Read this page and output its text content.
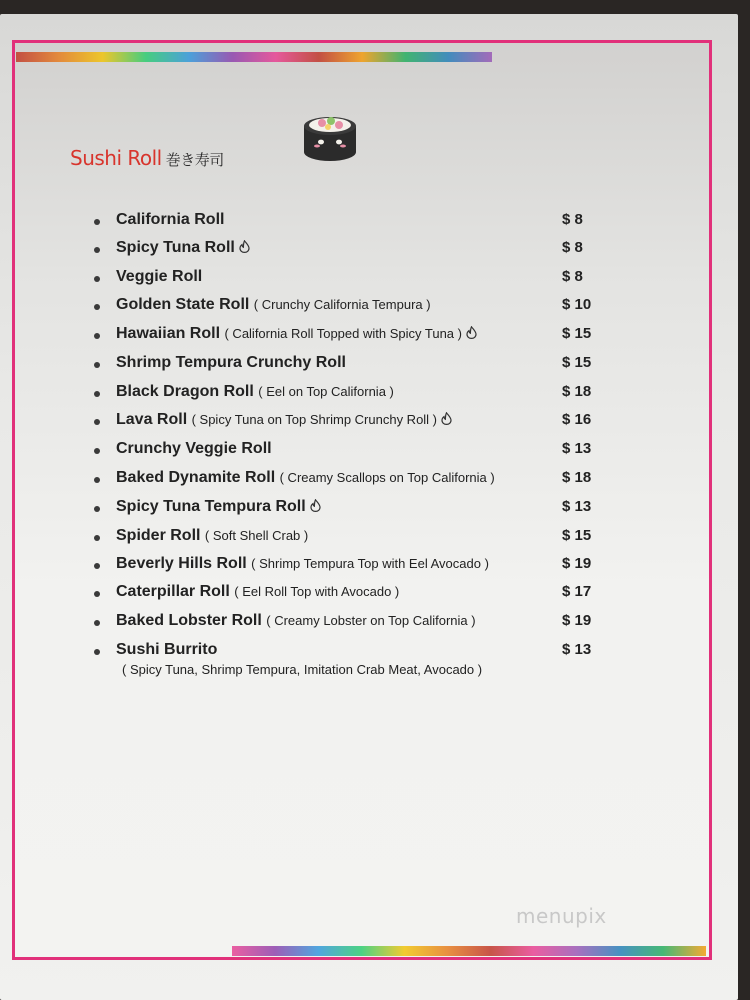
Sushi Roll 巻き寿司
California Roll	$ 8
Spicy Tuna Roll	$ 8
Veggie Roll	$ 8
Golden State Roll ( Crunchy California Tempura )	$ 10
Hawaiian Roll ( California Roll Topped with Spicy Tuna )	$ 15
Shrimp Tempura Crunchy Roll	$ 15
Black Dragon Roll ( Eel on Top California )	$ 18
Lava Roll ( Spicy Tuna on Top Shrimp Crunchy Roll )	$ 16
Crunchy Veggie Roll	$ 13
Baked Dynamite Roll ( Creamy Scallops on Top California )	$ 18
Spicy Tuna Tempura Roll	$ 13
Spider Roll ( Soft Shell Crab )	$ 15
Beverly Hills Roll ( Shrimp Tempura Top with Eel Avocado )	$ 19
Caterpillar Roll ( Eel Roll Top with Avocado )	$ 17
Baked Lobster Roll ( Creamy Lobster on Top California )	$ 19
Sushi Burrito	$ 13
( Spicy Tuna, Shrimp Tempura, Imitation Crab Meat, Avocado )
menupix
